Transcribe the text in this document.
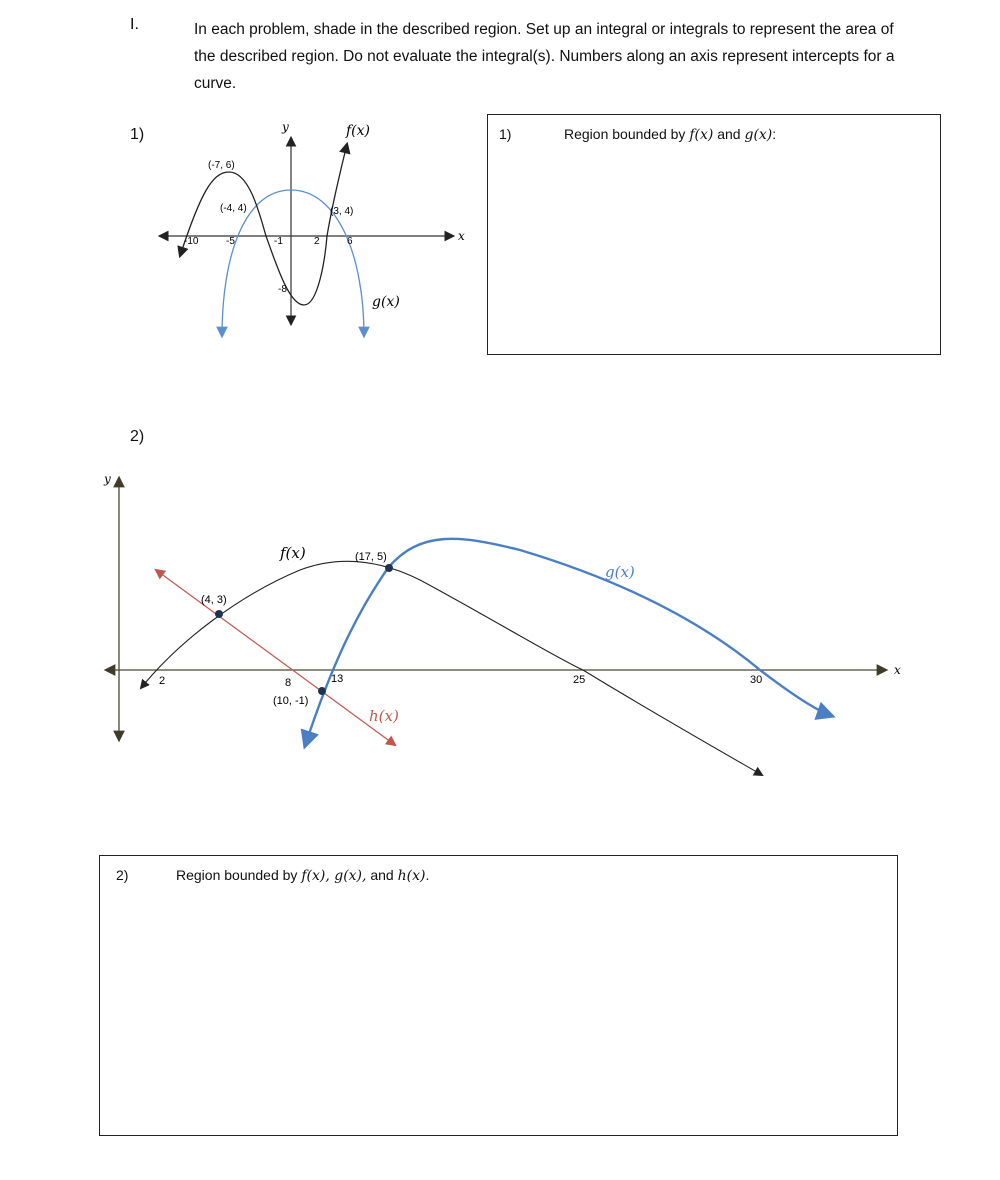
I.	In each problem, shade in the described region. Set up an integral or integrals to represent the area of the described region. Do not evaluate the integral(s). Numbers along an axis represent intercepts for a curve.
1)
-10	-5	-1	2	6
-8
(-7, 6)
(-4, 4)	(3, 4)
y
x
f(x)
g(x)
1)	Region bounded by f(x) and g(x):
2)
2	8	13	25	30
(4, 3)
(17, 5)
(10, -1)
f(x)
g(x)
h(x)
y
x
2)	Region bounded by f(x), g(x), and h(x).
